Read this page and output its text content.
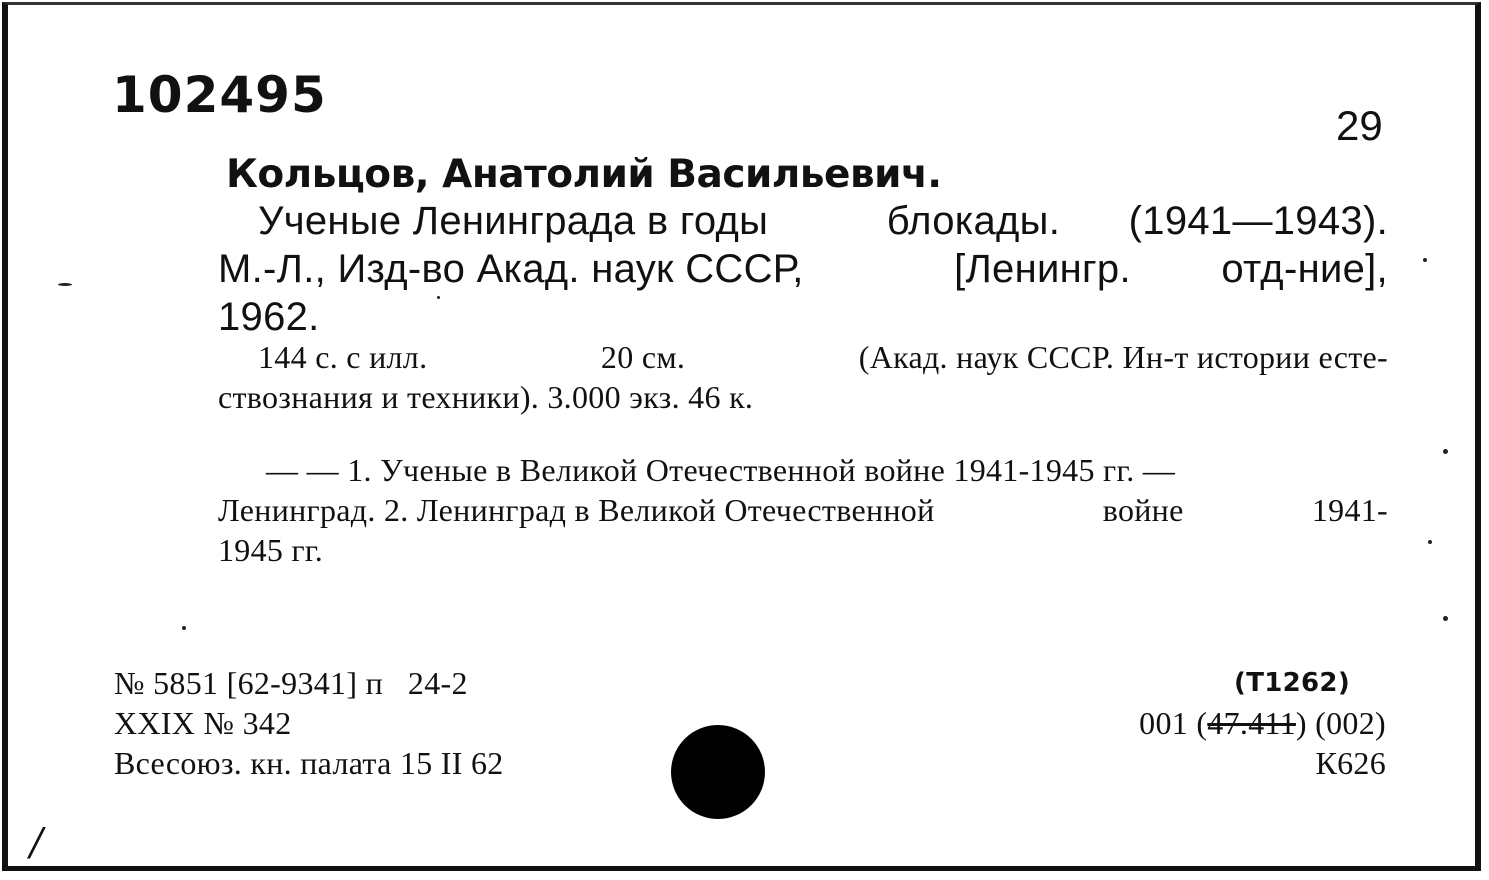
102495
29
Кольцов, Анатолий Васильевич.
Ученые Ленинграда в годы	блокады. (1941—1943).
М.-Л., Изд-во Акад. наук СССР,	[Ленингр. отд-ние],
1962.
144 с. с илл.	20 см.	(Акад. наук СССР. Ин-т истории есте-
ствознания и техники). 3.000 экз. 46 к.
— — 1. Ученые в Великой Отечественной войне 1941-1945 гг. —
Ленинград. 2. Ленинград в Великой Отечественной	войне	1941-
1945 гг.
№ 5851 [62-9341] п   24-2
XXIX № 342
Всесоюз. кн. палата 15 II 62
(Т1262)
001 (47.411) (002)
К626
/
